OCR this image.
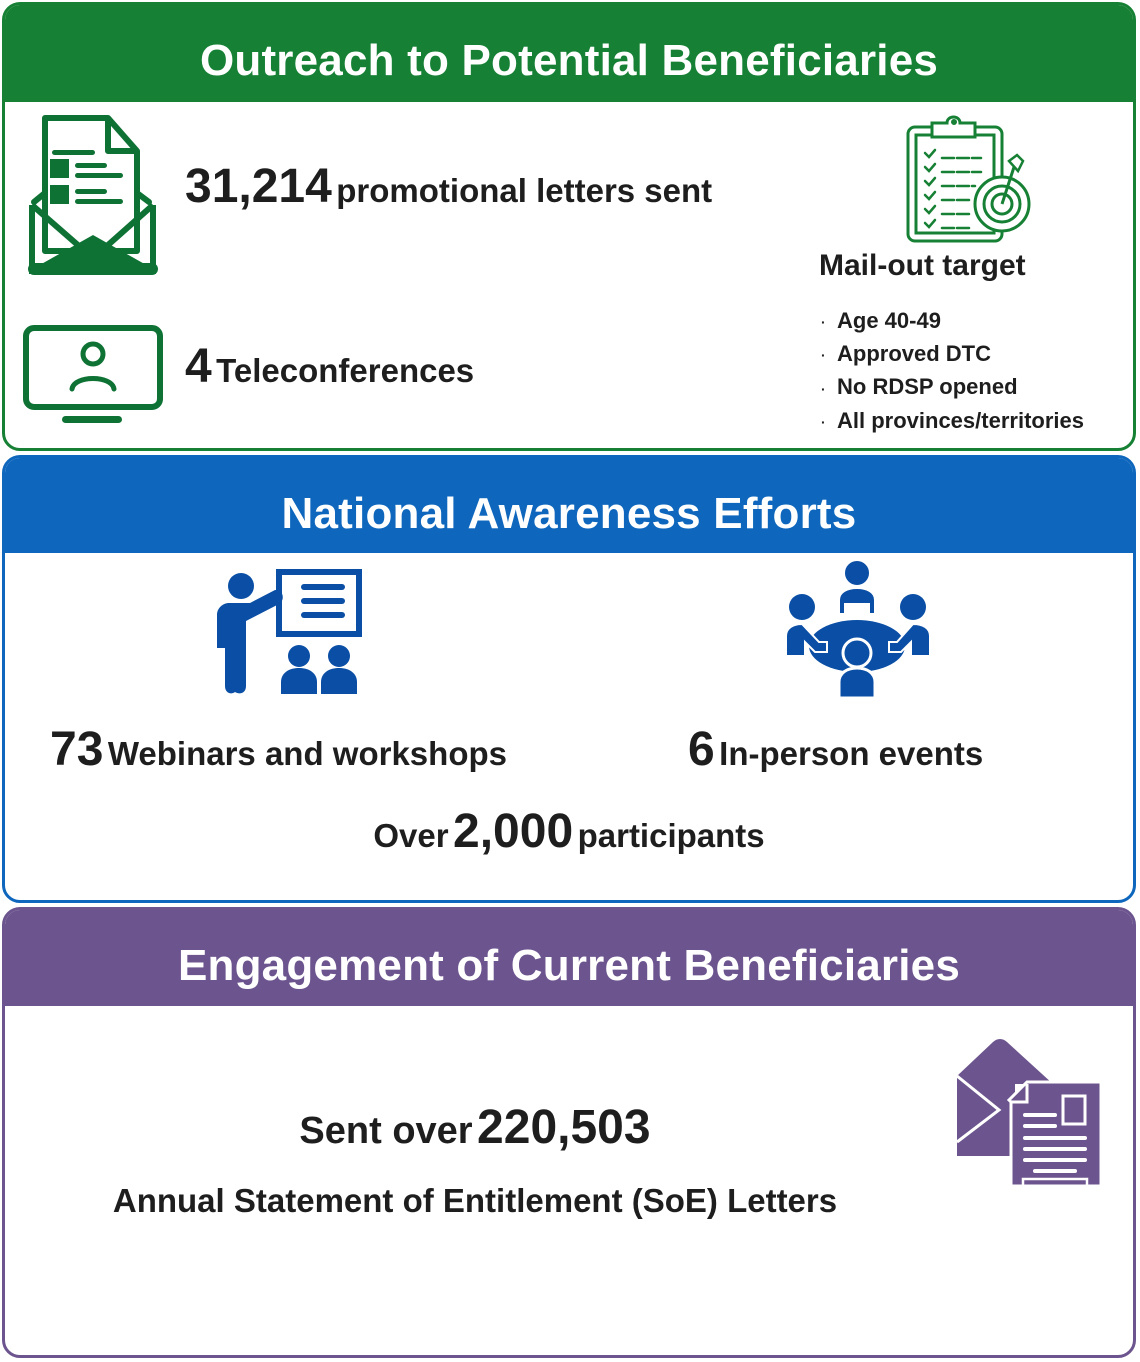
Outreach to Potential Beneficiaries
31,214 promotional letters sent
4 Teleconferences
Mail-out target
· Age 40-49
· Approved DTC
· No RDSP opened
· All provinces/territories
National Awareness Efforts
73 Webinars and workshops	6 In-person events
Over 2,000 participants
Engagement of Current Beneficiaries
Sent over 220,503
Annual Statement of Entitlement (SoE) Letters
